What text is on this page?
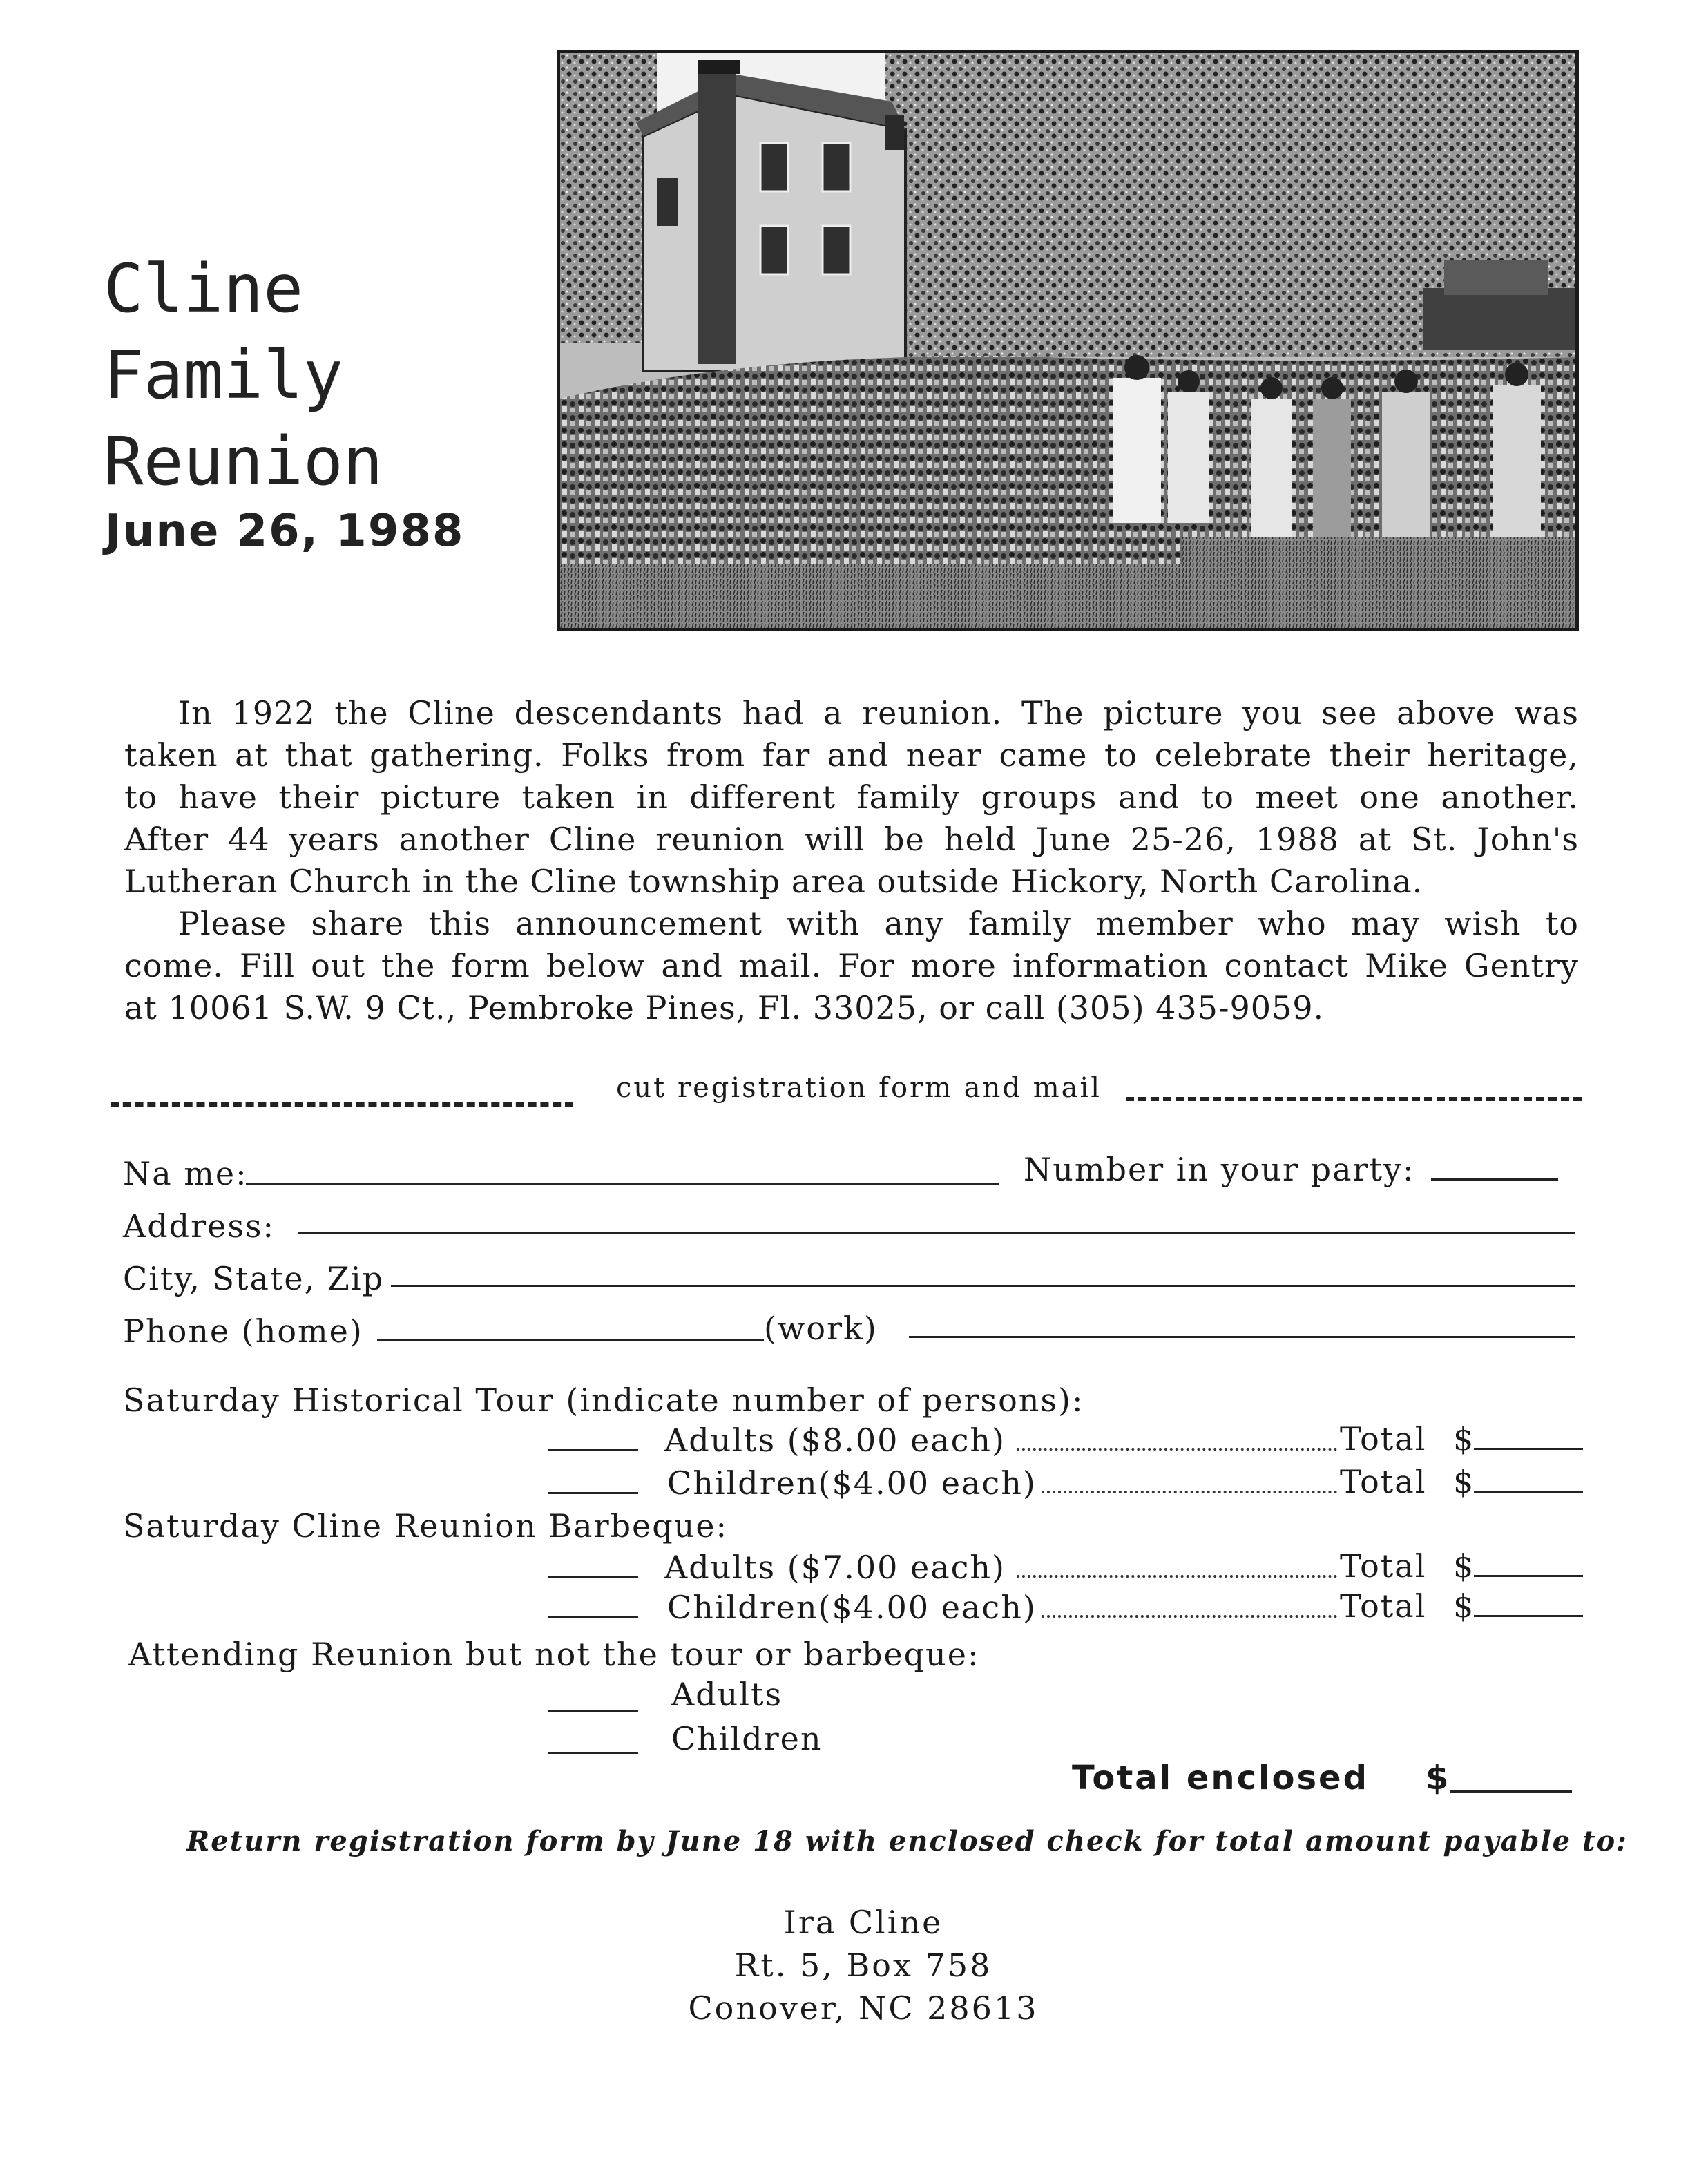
Cline
Family
Reunion
June 26, 1988
In 1922 the Cline descendants had a reunion. The picture you see above was
taken at that gathering. Folks from far and near came to celebrate their heritage,
to have their picture taken in different family groups and to meet one another.
After 44 years another Cline reunion will be held June 25-26, 1988 at St. John's
Lutheran Church in the Cline township area outside Hickory, North Carolina.
Please share this announcement with any family member who may wish to
come. Fill out the form below and mail. For more information contact Mike Gentry
at 10061 S.W. 9 Ct., Pembroke Pines, Fl. 33025, or call (305) 435-9059.
cut registration form and mail
Na me:	Number in your party:
Address:
City, State, Zip
Phone (home)	(work)
Saturday Historical Tour (indicate number of persons):
Adults ($8.00 each)	Total $
Children($4.00 each)	Total $
Saturday Cline Reunion Barbeque:
Adults ($7.00 each)	Total $
Children($4.00 each)	Total $
Attending Reunion but not the tour or barbeque:
Adults
Children
Total enclosed $
Return registration form by June 18 with enclosed check for total amount payable to:
Ira Cline
Rt. 5, Box 758
Conover, NC 28613
